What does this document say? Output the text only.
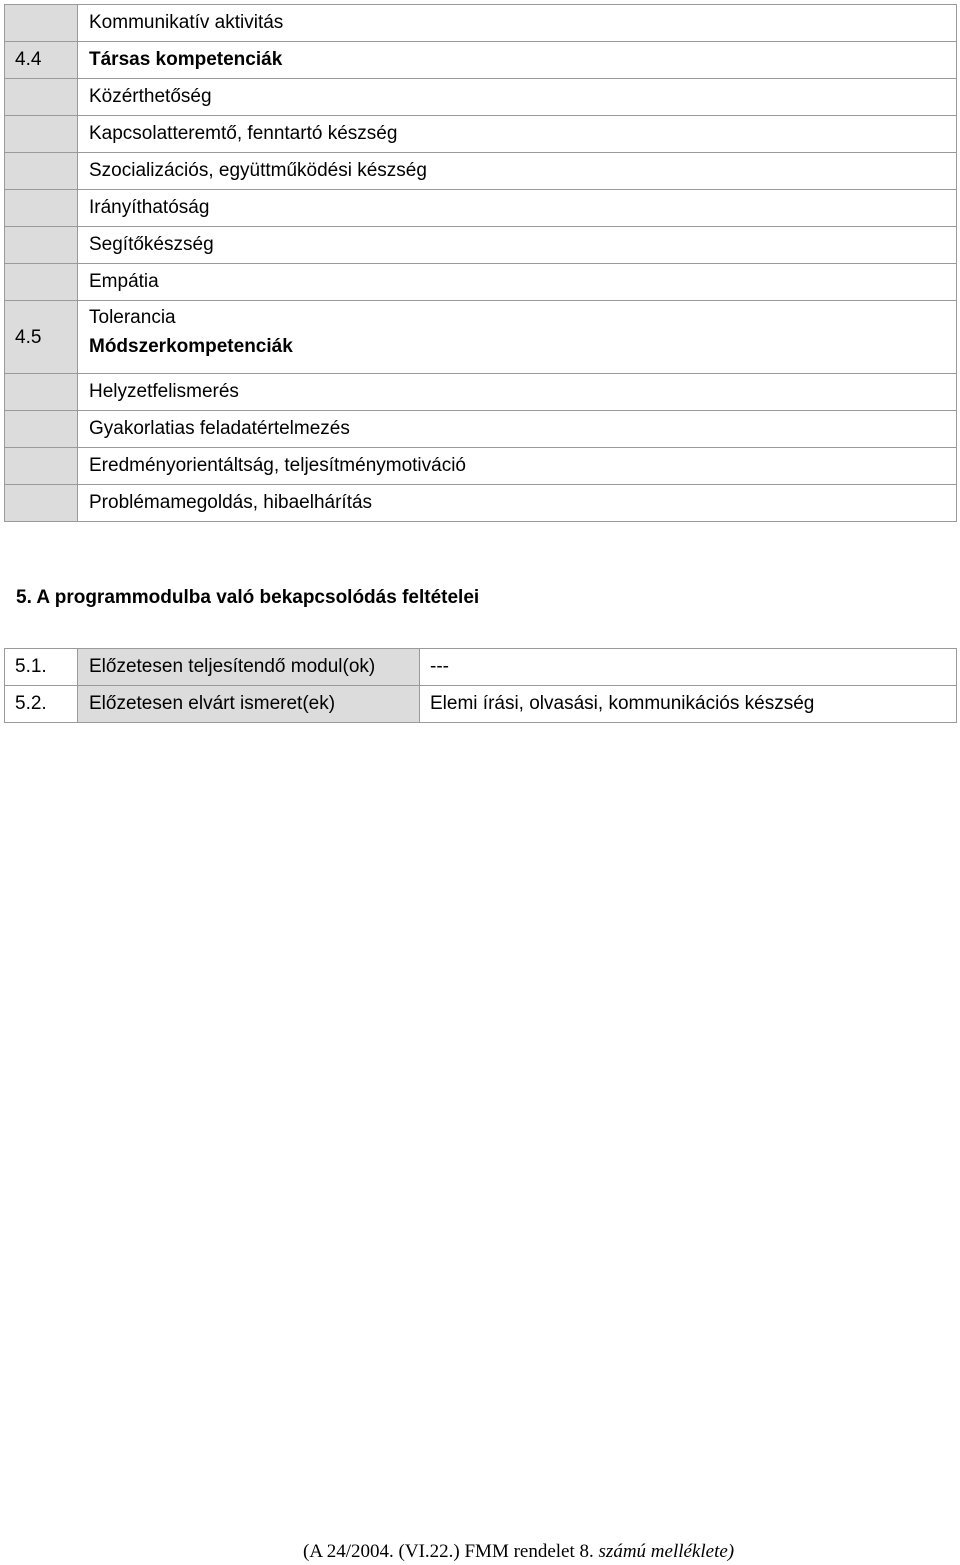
	Kommunikatív aktivitás
4.4	Társas kompetenciák
	Közérthetőség
	Kapcsolatteremtő, fenntartó készség
	Szocializációs, együttműködési készség
	Irányíthatóság
	Segítőkészség
	Empátia
4.5	Tolerancia
Módszerkompetenciák

	Helyzetfelismerés
	Gyakorlatias feladatértelmezés
	Eredményorientáltság, teljesítménymotiváció
	Problémamegoldás, hibaelhárítás
5. A programmodulba való bekapcsolódás feltételei
5.1.	Előzetesen teljesítendő modul(ok)	---
5.2.	Előzetesen elvárt ismeret(ek)	Elemi írási, olvasási, kommunikációs készség
(A 24/2004. (VI.22.) FMM rendelet 8. számú melléklete)
